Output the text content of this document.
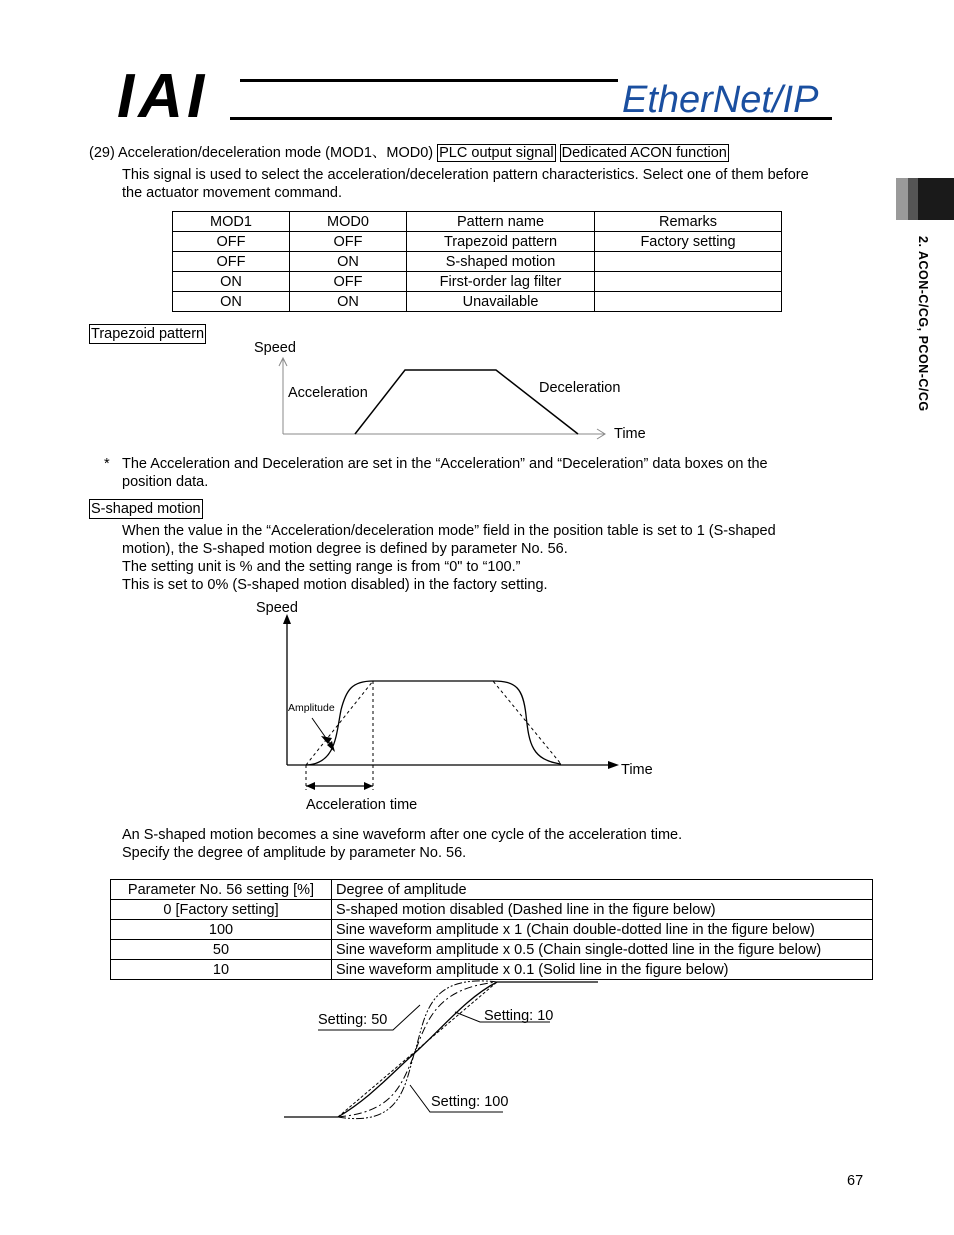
IAI	EtherNet/IP
2. ACON-C/CG, PCON-C/CG
(29) Acceleration/deceleration mode (MOD1、MOD0) PLC output signal Dedicated ACON function
This signal is used to select the acceleration/deceleration pattern characteristics. Select one of them before
the actuator movement command.
MOD1	MOD0	Pattern name	Remarks
OFF	OFF	Trapezoid pattern	Factory setting
OFF	ON	S-shaped motion	
ON	OFF	First-order lag filter	
ON	ON	Unavailable	
Trapezoid pattern
Speed
Acceleration	Deceleration
Time
* The Acceleration and Deceleration are set in the “Acceleration” and “Deceleration” data boxes on the
position data.
S-shaped motion
When the value in the “Acceleration/deceleration mode” field in the position table is set to 1 (S-shaped
motion), the S-shaped motion degree is defined by parameter No. 56.
The setting unit is % and the setting range is from “0" to “100.”
This is set to 0% (S-shaped motion disabled) in the factory setting.
Speed
Amplitude
Time
Acceleration time
An S-shaped motion becomes a sine waveform after one cycle of the acceleration time.
Specify the degree of amplitude by parameter No. 56.
Parameter No. 56 setting [%]	Degree of amplitude
0 [Factory setting]	S-shaped motion disabled (Dashed line in the figure below)
100	Sine waveform amplitude x 1 (Chain double-dotted line in the figure below)
50	Sine waveform amplitude x 0.5 (Chain single-dotted line in the figure below)
10	Sine waveform amplitude x 0.1 (Solid line in the figure below)
Setting: 50	Setting: 10
Setting: 100
67
